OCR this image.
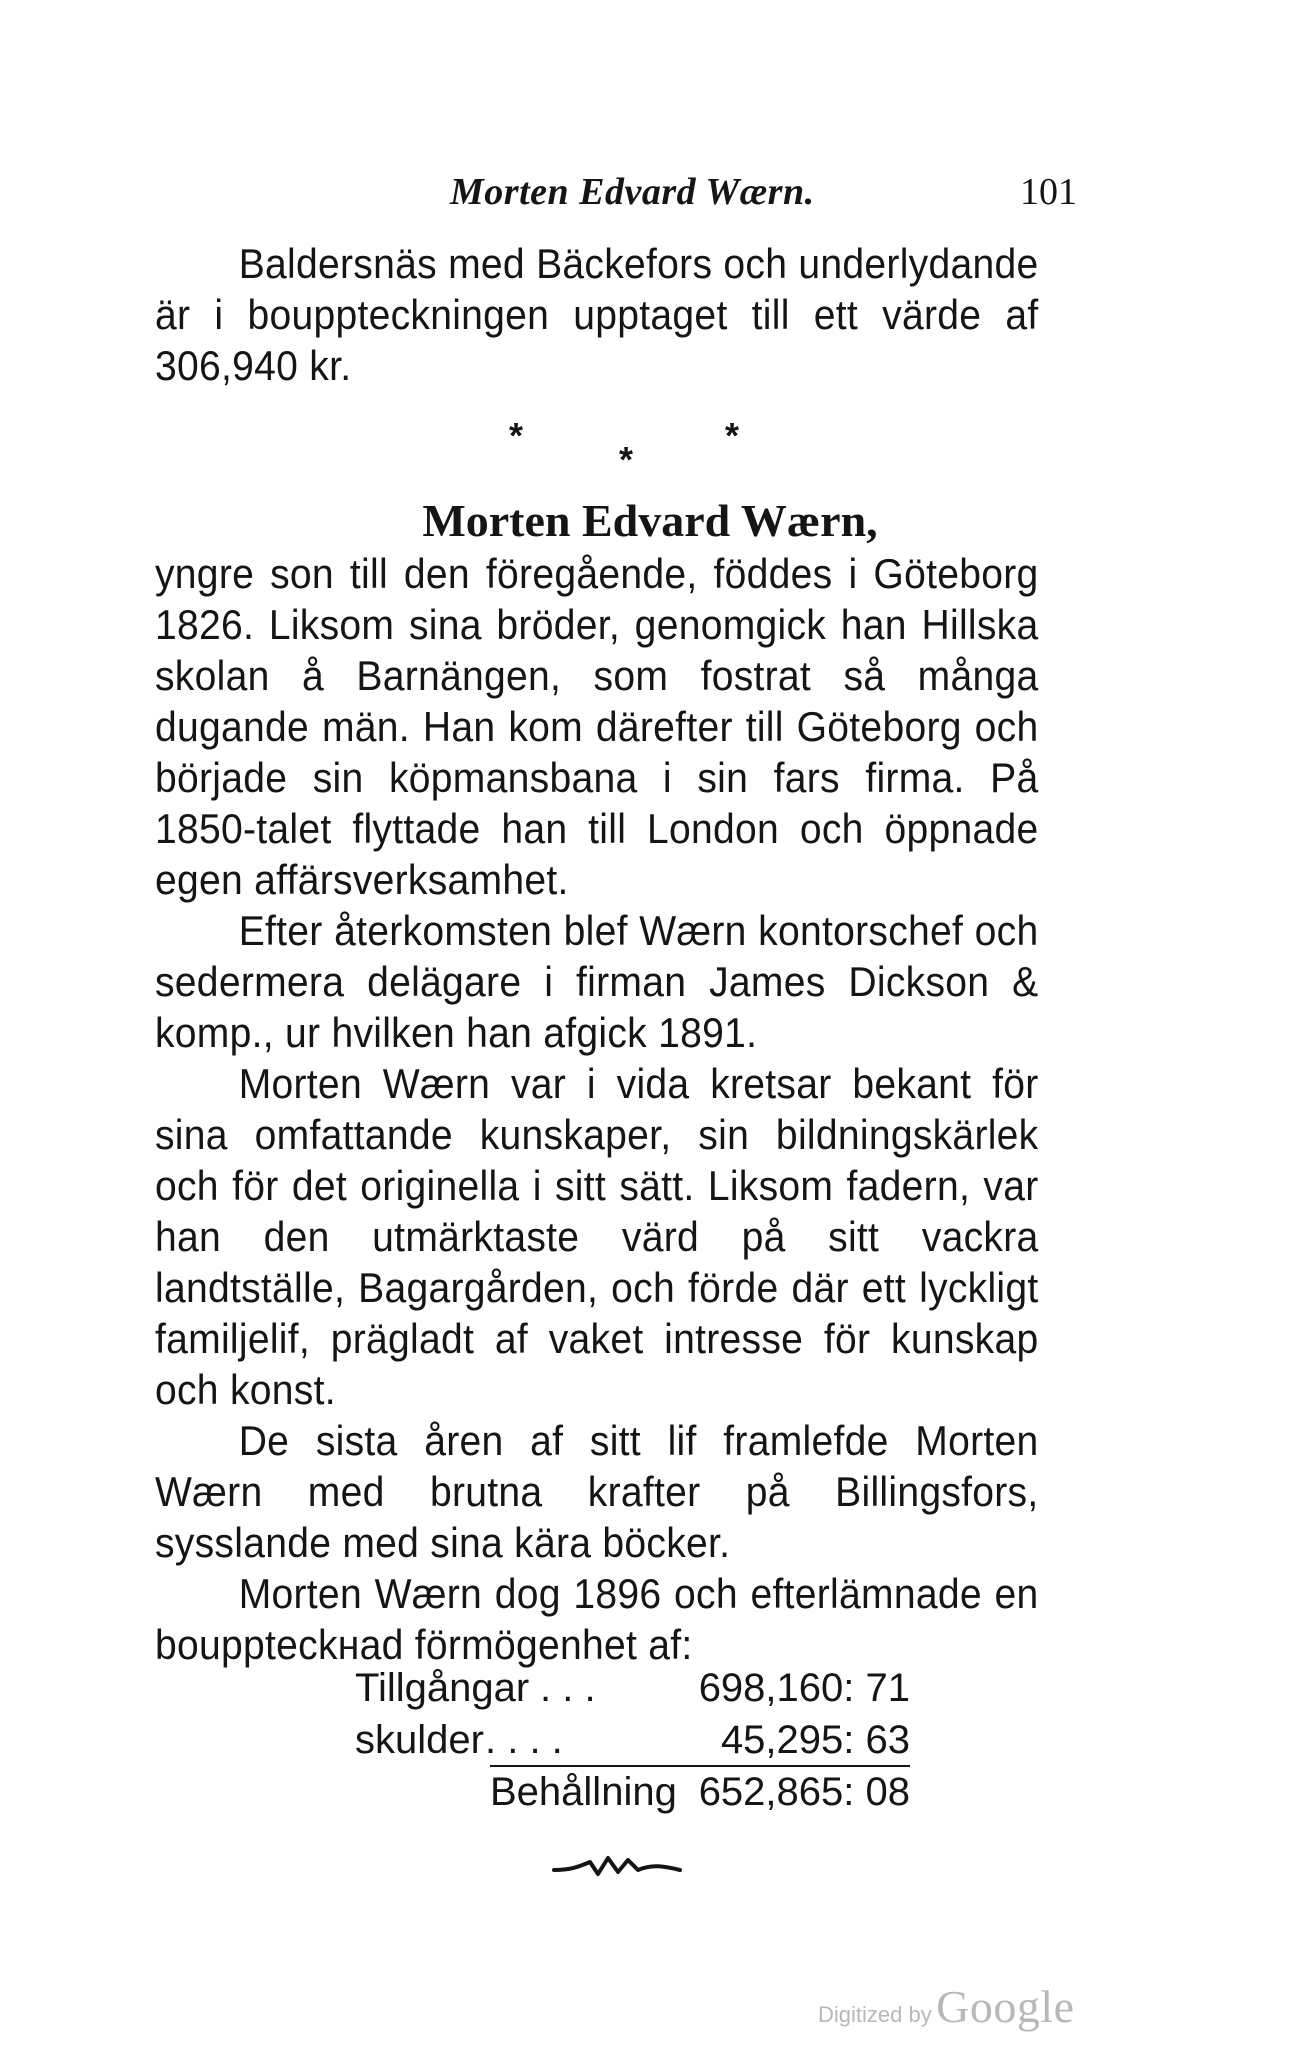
Morten Edvard Wærn.	101

Baldersnäs med Bäckefors och underlydande är i bouppteckningen upptaget till ett värde af 306,940 kr.

*
*
*
Morten Edvard Wærn,

yngre son till den föregående, föddes i Göteborg 1826. Liksom sina bröder, genomgick han Hillska skolan å Barnängen, som fostrat så många dugande män. Han kom därefter till Göteborg och började sin köpmansbana i sin fars firma. På 1850-talet flyttade han till London och öppnade egen affärsverksamhet.

Efter återkomsten blef Wærn kontorschef och sedermera delägare i firman James Dickson & komp., ur hvilken han afgick 1891.

Morten Wærn var i vida kretsar bekant för sina omfattande kunskaper, sin bildningskärlek och för det originella i sitt sätt. Liksom fadern, var han den utmärktaste värd på sitt vackra landtställe, Bagargården, och förde där ett lyckligt familjelif, prägladt af vaket intresse för kunskap och konst.

De sista åren af sitt lif framlefde Morten Wærn med brutna krafter på Billingsfors, sysslande med sina kära böcker.

Morten Wærn dog 1896 och efterlämnade en bouppteckнad förmögenhet af:

Tillgångar . . .	698,160: 71
skulder . . . .	45,295: 63
Behållning 652,865: 08
Digitized by Google
